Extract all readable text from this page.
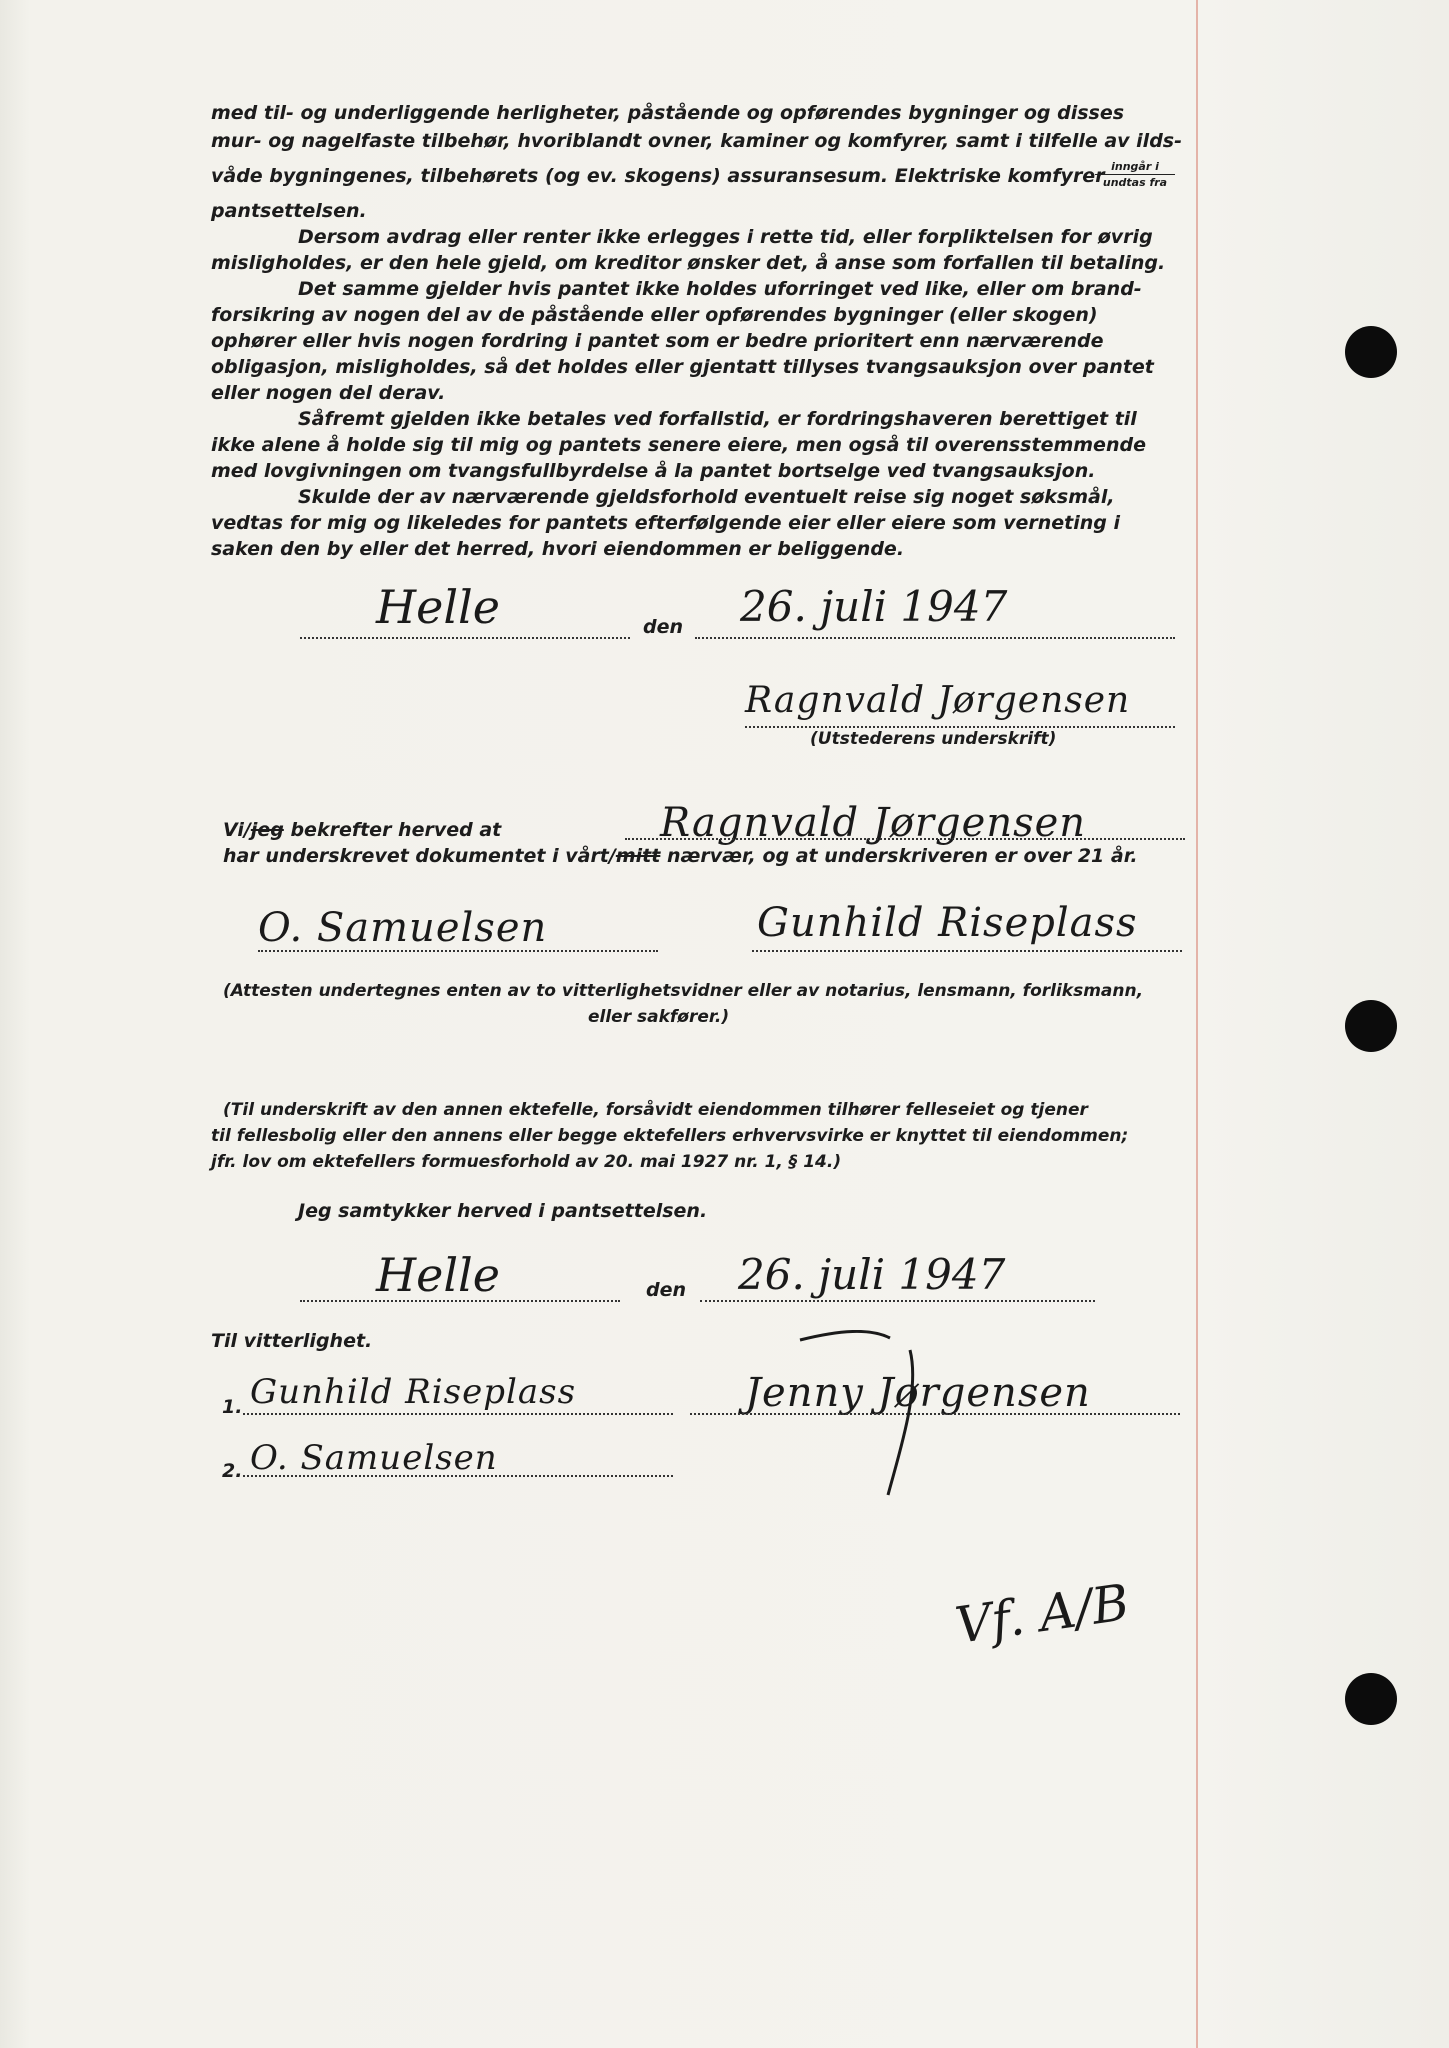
med til- og underliggende herligheter, påstående og opførendes bygninger og disses
mur- og nagelfaste tilbehør, hvoriblandt ovner, kaminer og komfyrer, samt i tilfelle av ilds-
våde bygningenes, tilbehørets (og ev. skogens) assuransesum. Elektriske komfyrer inngår i
undtas fra
pantsettelsen.
Dersom avdrag eller renter ikke erlegges i rette tid, eller forpliktelsen for øvrig
misligholdes, er den hele gjeld, om kreditor ønsker det, å anse som forfallen til betaling.
Det samme gjelder hvis pantet ikke holdes uforringet ved like, eller om brand-
forsikring av nogen del av de påstående eller opførendes bygninger (eller skogen)
ophører eller hvis nogen fordring i pantet som er bedre prioritert enn nærværende
obligasjon, misligholdes, så det holdes eller gjentatt tillyses tvangsauksjon over pantet
eller nogen del derav.
Såfremt gjelden ikke betales ved forfallstid, er fordringshaveren berettiget til
ikke alene å holde sig til mig og pantets senere eiere, men også til overensstemmende
med lovgivningen om tvangsfullbyrdelse å la pantet bortselge ved tvangsauksjon.
Skulde der av nærværende gjeldsforhold eventuelt reise sig noget søksmål,
vedtas for mig og likeledes for pantets efterfølgende eier eller eiere som verneting i
saken den by eller det herred, hvori eiendommen er beliggende.
Helle	den 26. juli 1947
Ragnvald Jørgensen
(Utstederens underskrift)
Vi/jeg bekrefter herved at	Ragnvald Jørgensen
har underskrevet dokumentet i vårt/mitt nærvær, og at underskriveren er over 21 år.
O. Samuelsen	Gunhild Riseplass
(Attesten undertegnes enten av to vitterlighetsvidner eller av notarius, lensmann, forliksmann,
eller sakfører.)
(Til underskrift av den annen ektefelle, forsåvidt eiendommen tilhører felleseiet og tjener
til fellesbolig eller den annens eller begge ektefellers erhvervsvirke er knyttet til eiendommen;
jfr. lov om ektefellers formuesforhold av 20. mai 1927 nr. 1, § 14.)
Jeg samtykker herved i pantsettelsen.
Helle	den 26. juli 1947
Til vitterlighet.
1. Gunhild Riseplass	Jenny Jørgensen
2. O. Samuelsen
Vf. A/B
